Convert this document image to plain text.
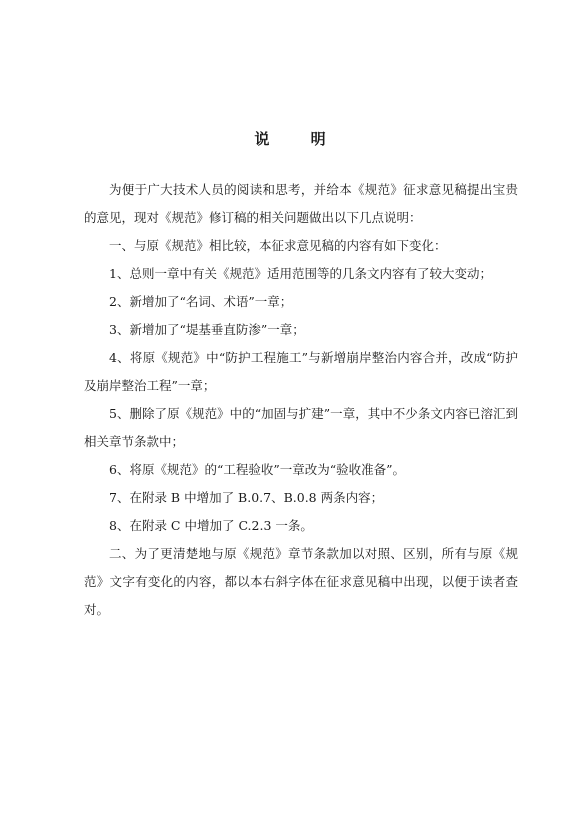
说 明

为便于广大技术人员的阅读和思考，并给本《规范》征求意见稿提出宝贵的意见，现对《规范》修订稿的相关问题做出以下几点说明：

一、与原《规范》相比较，本征求意见稿的内容有如下变化：

1、总则一章中有关《规范》适用范围等的几条文内容有了较大变动；

2、新增加了“名词、术语”一章；

3、新增加了“堤基垂直防渗”一章；

4、将原《规范》中“防护工程施工”与新增崩岸整治内容合并，改成“防护及崩岸整治工程”一章；

5、删除了原《规范》中的“加固与扩建”一章，其中不少条文内容已溶汇到相关章节条款中；

6、将原《规范》的“工程验收”一章改为“验收准备”。

7、在附录 B 中增加了 B.0.7、B.0.8 两条内容；

8、在附录 C 中增加了 C.2.3 一条。

二、为了更清楚地与原《规范》章节条款加以对照、区别，所有与原《规范》文字有变化的内容，都以本右斜字体在征求意见稿中出现，以便于读者查对。
